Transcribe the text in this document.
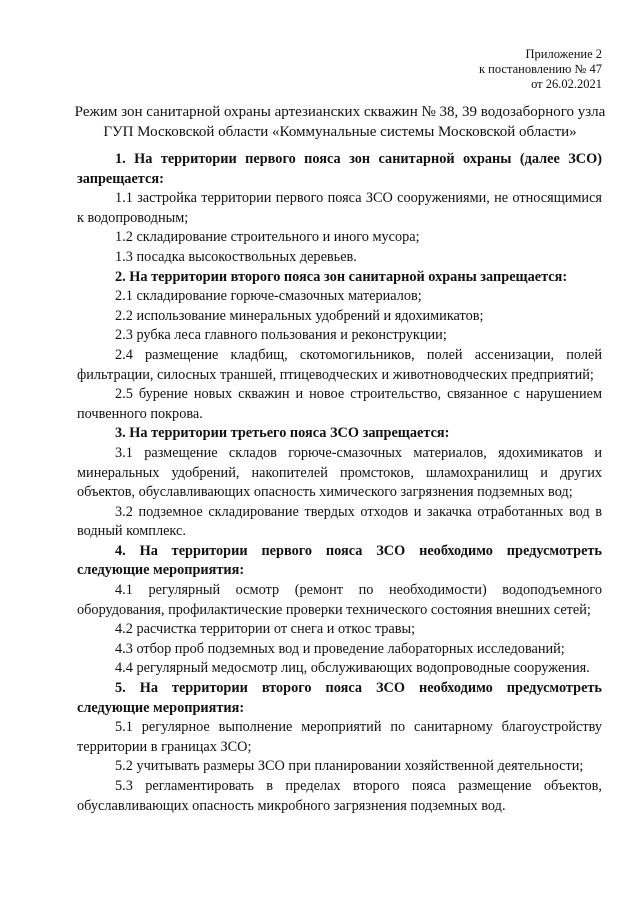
Приложение 2
к постановлению № 47
от 26.02.2021
Режим зон санитарной охраны артезианских скважин № 38, 39 водозаборного узла ГУП Московской области «Коммунальные системы Московской области»

1. На территории первого пояса зон санитарной охраны (далее ЗСО) запрещается:

1.1 застройка территории первого пояса ЗСО сооружениями, не относящимися к водопроводным;

1.2 складирование строительного и иного мусора;

1.3 посадка высокоствольных деревьев.

2. На территории второго пояса зон санитарной охраны запрещается:

2.1 складирование горюче-смазочных материалов;

2.2 использование минеральных удобрений и ядохимикатов;

2.3 рубка леса главного пользования и реконструкции;

2.4 размещение кладбищ, скотомогильников, полей ассенизации, полей фильтрации, силосных траншей, птицеводческих и животноводческих предприятий;

2.5 бурение новых скважин и новое строительство, связанное с нарушением почвенного покрова.

3. На территории третьего пояса ЗСО запрещается:

3.1 размещение складов горюче-смазочных материалов, ядохимикатов и минеральных удобрений, накопителей промстоков, шламохранилищ и других объектов, обуславливающих опасность химического загрязнения подземных вод;

3.2 подземное складирование твердых отходов и закачка отработанных вод в водный комплекс.

4. На территории первого пояса ЗСО необходимо предусмотреть следующие мероприятия:

4.1 регулярный осмотр (ремонт по необходимости) водоподъемного оборудования, профилактические проверки технического состояния внешних сетей;

4.2 расчистка территории от снега и откос травы;

4.3 отбор проб подземных вод и проведение лабораторных исследований;

4.4 регулярный медосмотр лиц, обслуживающих водопроводные сооружения.

5. На территории второго пояса ЗСО необходимо предусмотреть следующие мероприятия:

5.1 регулярное выполнение мероприятий по санитарному благоустройству территории в границах ЗСО;

5.2 учитывать размеры ЗСО при планировании хозяйственной деятельности;

5.3 регламентировать в пределах второго пояса размещение объектов, обуславливающих опасность микробного загрязнения подземных вод.
